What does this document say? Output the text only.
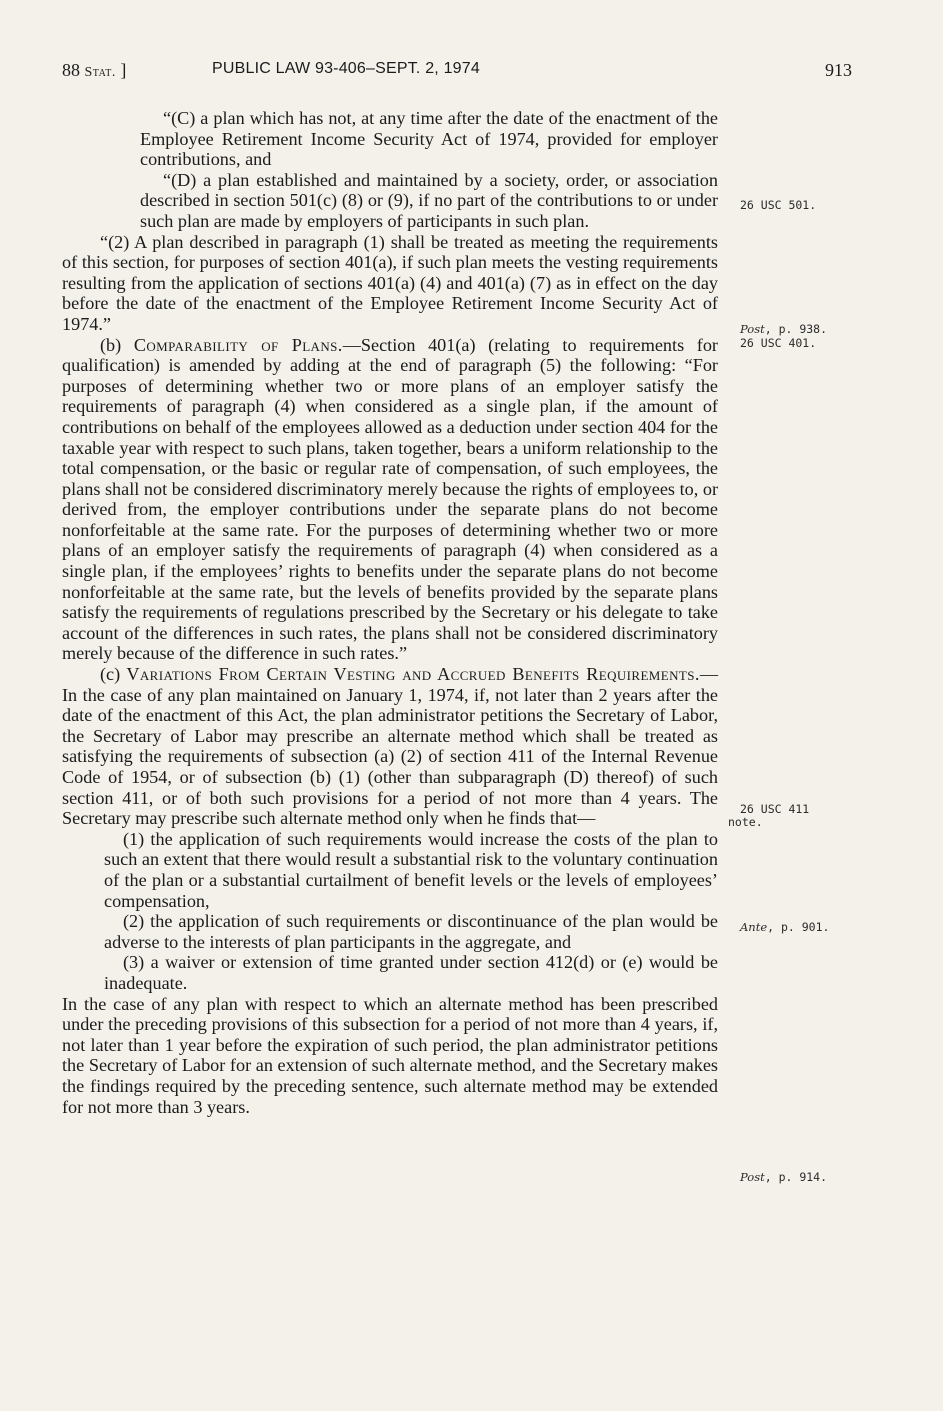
88 Stat. ]	PUBLIC LAW 93-406–SEPT. 2, 1974	913

“(C) a plan which has not, at any time after the date of the enactment of the Employee Retirement Income Security Act of 1974, provided for employer contributions, and

“(D) a plan established and maintained by a society, order, or association described in section 501(c) (8) or (9), if no part of the contributions to or under such plan are made by employers of participants in such plan.

“(2) A plan described in paragraph (1) shall be treated as meeting the requirements of this section, for purposes of section 401(a), if such plan meets the vesting requirements resulting from the application of sections 401(a) (4) and 401(a) (7) as in effect on the day before the date of the enactment of the Employee Retirement Income Security Act of 1974.”

(b) Comparability of Plans.—Section 401(a) (relating to requirements for qualification) is amended by adding at the end of paragraph (5) the following: “For purposes of determining whether two or more plans of an employer satisfy the requirements of paragraph (4) when considered as a single plan, if the amount of contributions on behalf of the employees allowed as a deduction under section 404 for the taxable year with respect to such plans, taken together, bears a uniform relationship to the total compensation, or the basic or regular rate of compensation, of such employees, the plans shall not be considered discriminatory merely because the rights of employees to, or derived from, the employer contributions under the separate plans do not become nonforfeitable at the same rate. For the purposes of determining whether two or more plans of an employer satisfy the requirements of paragraph (4) when considered as a single plan, if the employees’ rights to benefits under the separate plans do not become nonforfeitable at the same rate, but the levels of benefits provided by the separate plans satisfy the requirements of regulations prescribed by the Secretary or his delegate to take account of the differences in such rates, the plans shall not be considered discriminatory merely because of the difference in such rates.”

(c) Variations From Certain Vesting and Accrued Benefits Requirements.—In the case of any plan maintained on January 1, 1974, if, not later than 2 years after the date of the enactment of this Act, the plan administrator petitions the Secretary of Labor, the Secretary of Labor may prescribe an alternate method which shall be treated as satisfying the requirements of subsection (a) (2) of section 411 of the Internal Revenue Code of 1954, or of subsection (b) (1) (other than subparagraph (D) thereof) of such section 411, or of both such provisions for a period of not more than 4 years. The Secretary may prescribe such alternate method only when he finds that—

(1) the application of such requirements would increase the costs of the plan to such an extent that there would result a substantial risk to the voluntary continuation of the plan or a substantial curtailment of benefit levels or the levels of employees’ compensation,

(2) the application of such requirements or discontinuance of the plan would be adverse to the interests of plan participants in the aggregate, and

(3) a waiver or extension of time granted under section 412(d) or (e) would be inadequate.

In the case of any plan with respect to which an alternate method has been prescribed under the preceding provisions of this subsection for a period of not more than 4 years, if, not later than 1 year before the expiration of such period, the plan administrator petitions the Secretary of Labor for an extension of such alternate method, and the Secretary makes the findings required by the preceding sentence, such alternate method may be extended for not more than 3 years.

26 USC 501.
Post, p. 938.
26 USC 401.
26 USC 411
note.
Ante, p. 901.
Post, p. 914.
